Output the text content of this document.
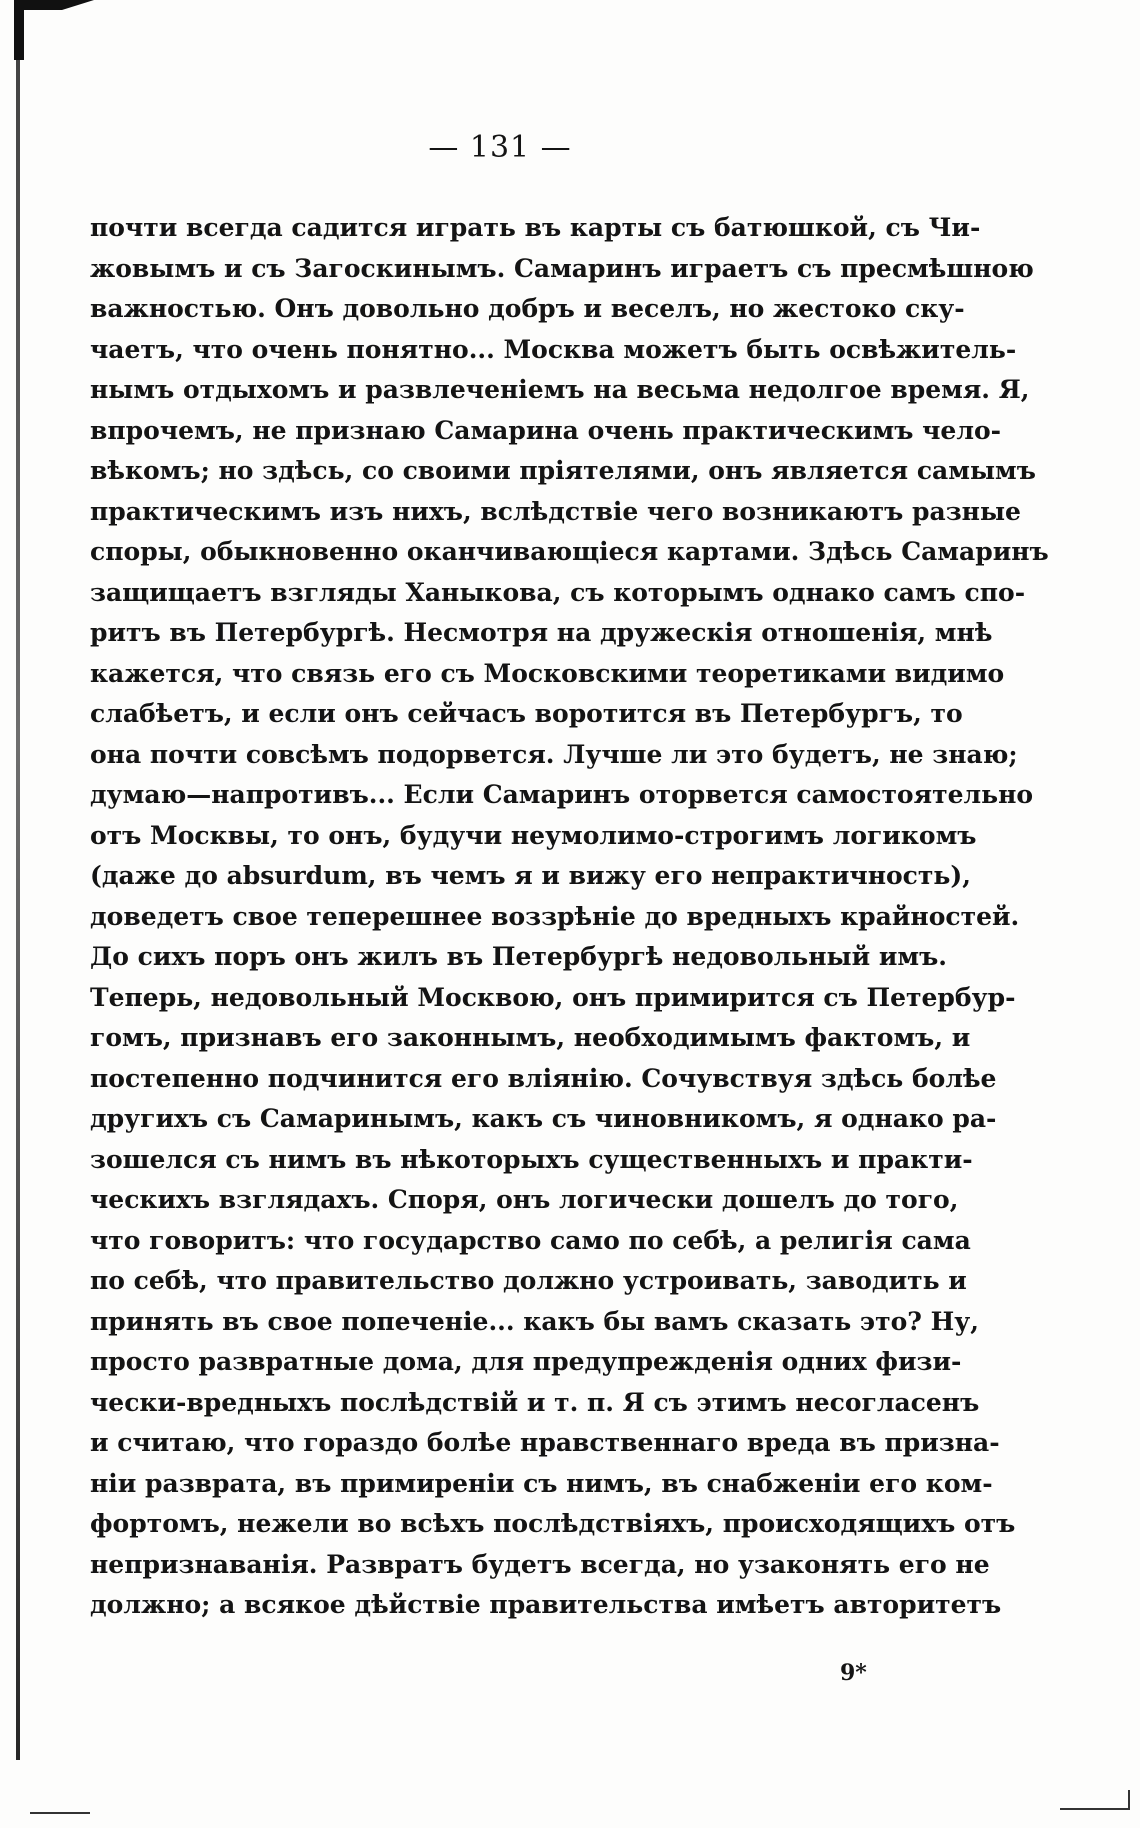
— 131 —
почти всегда садится играть въ карты съ батюшкой, съ Чи-
жовымъ и съ Загоскинымъ. Самаринъ играетъ съ пресмѣшною
важностью. Онъ довольно добръ и веселъ, но жестоко ску-
чаетъ, что очень понятно... Москва можетъ быть освѣжитель-
нымъ отдыхомъ и развлеченіемъ на весьма недолгое время. Я,
впрочемъ, не признаю Самарина очень практическимъ чело-
вѣкомъ; но здѣсь, со своими пріятелями, онъ является самымъ
практическимъ изъ нихъ, вслѣдствіе чего возникаютъ разные
споры, обыкновенно оканчивающіеся картами. Здѣсь Самаринъ
защищаетъ взгляды Ханыкова, съ которымъ однако самъ спо-
ритъ въ Петербургѣ. Несмотря на дружескія отношенія, мнѣ
кажется, что связь его съ Московскими теоретиками видимо
слабѣетъ, и если онъ сейчасъ воротится въ Петербургъ, то
она почти совсѣмъ подорвется. Лучше ли это будетъ, не знаю;
думаю—напротивъ... Если Самаринъ оторвется самостоятельно
отъ Москвы, то онъ, будучи неумолимо-строгимъ логикомъ
(даже до absurdum, въ чемъ я и вижу его непрактичность),
доведетъ свое теперешнее воззрѣніе до вредныхъ крайностей.
До сихъ поръ онъ жилъ въ Петербургѣ недовольный имъ.
Теперь, недовольный Москвою, онъ примирится съ Петербур-
гомъ, признавъ его законнымъ, необходимымъ фактомъ, и
постепенно подчинится его вліянію. Сочувствуя здѣсь болѣе
другихъ съ Самаринымъ, какъ съ чиновникомъ, я однако ра-
зошелся съ нимъ въ нѣкоторыхъ существенныхъ и практи-
ческихъ взглядахъ. Споря, онъ логически дошелъ до того,
что говоритъ: что государство само по себѣ, а религія сама
по себѣ, что правительство должно устроивать, заводить и
принять въ свое попеченіе... какъ бы вамъ сказать это? Ну,
просто развратные дома, для предупрежденія одних физи-
чески-вредныхъ послѣдствій и т. п. Я съ этимъ несогласенъ
и считаю, что гораздо болѣе нравственнаго вреда въ призна-
ніи разврата, въ примиреніи съ нимъ, въ снабженіи его ком-
фортомъ, нежели во всѣхъ послѣдствіяхъ, происходящихъ отъ
непризнаванія. Развратъ будетъ всегда, но узаконять его не
должно; а всякое дѣйствіе правительства имѣетъ авторитетъ
9*
